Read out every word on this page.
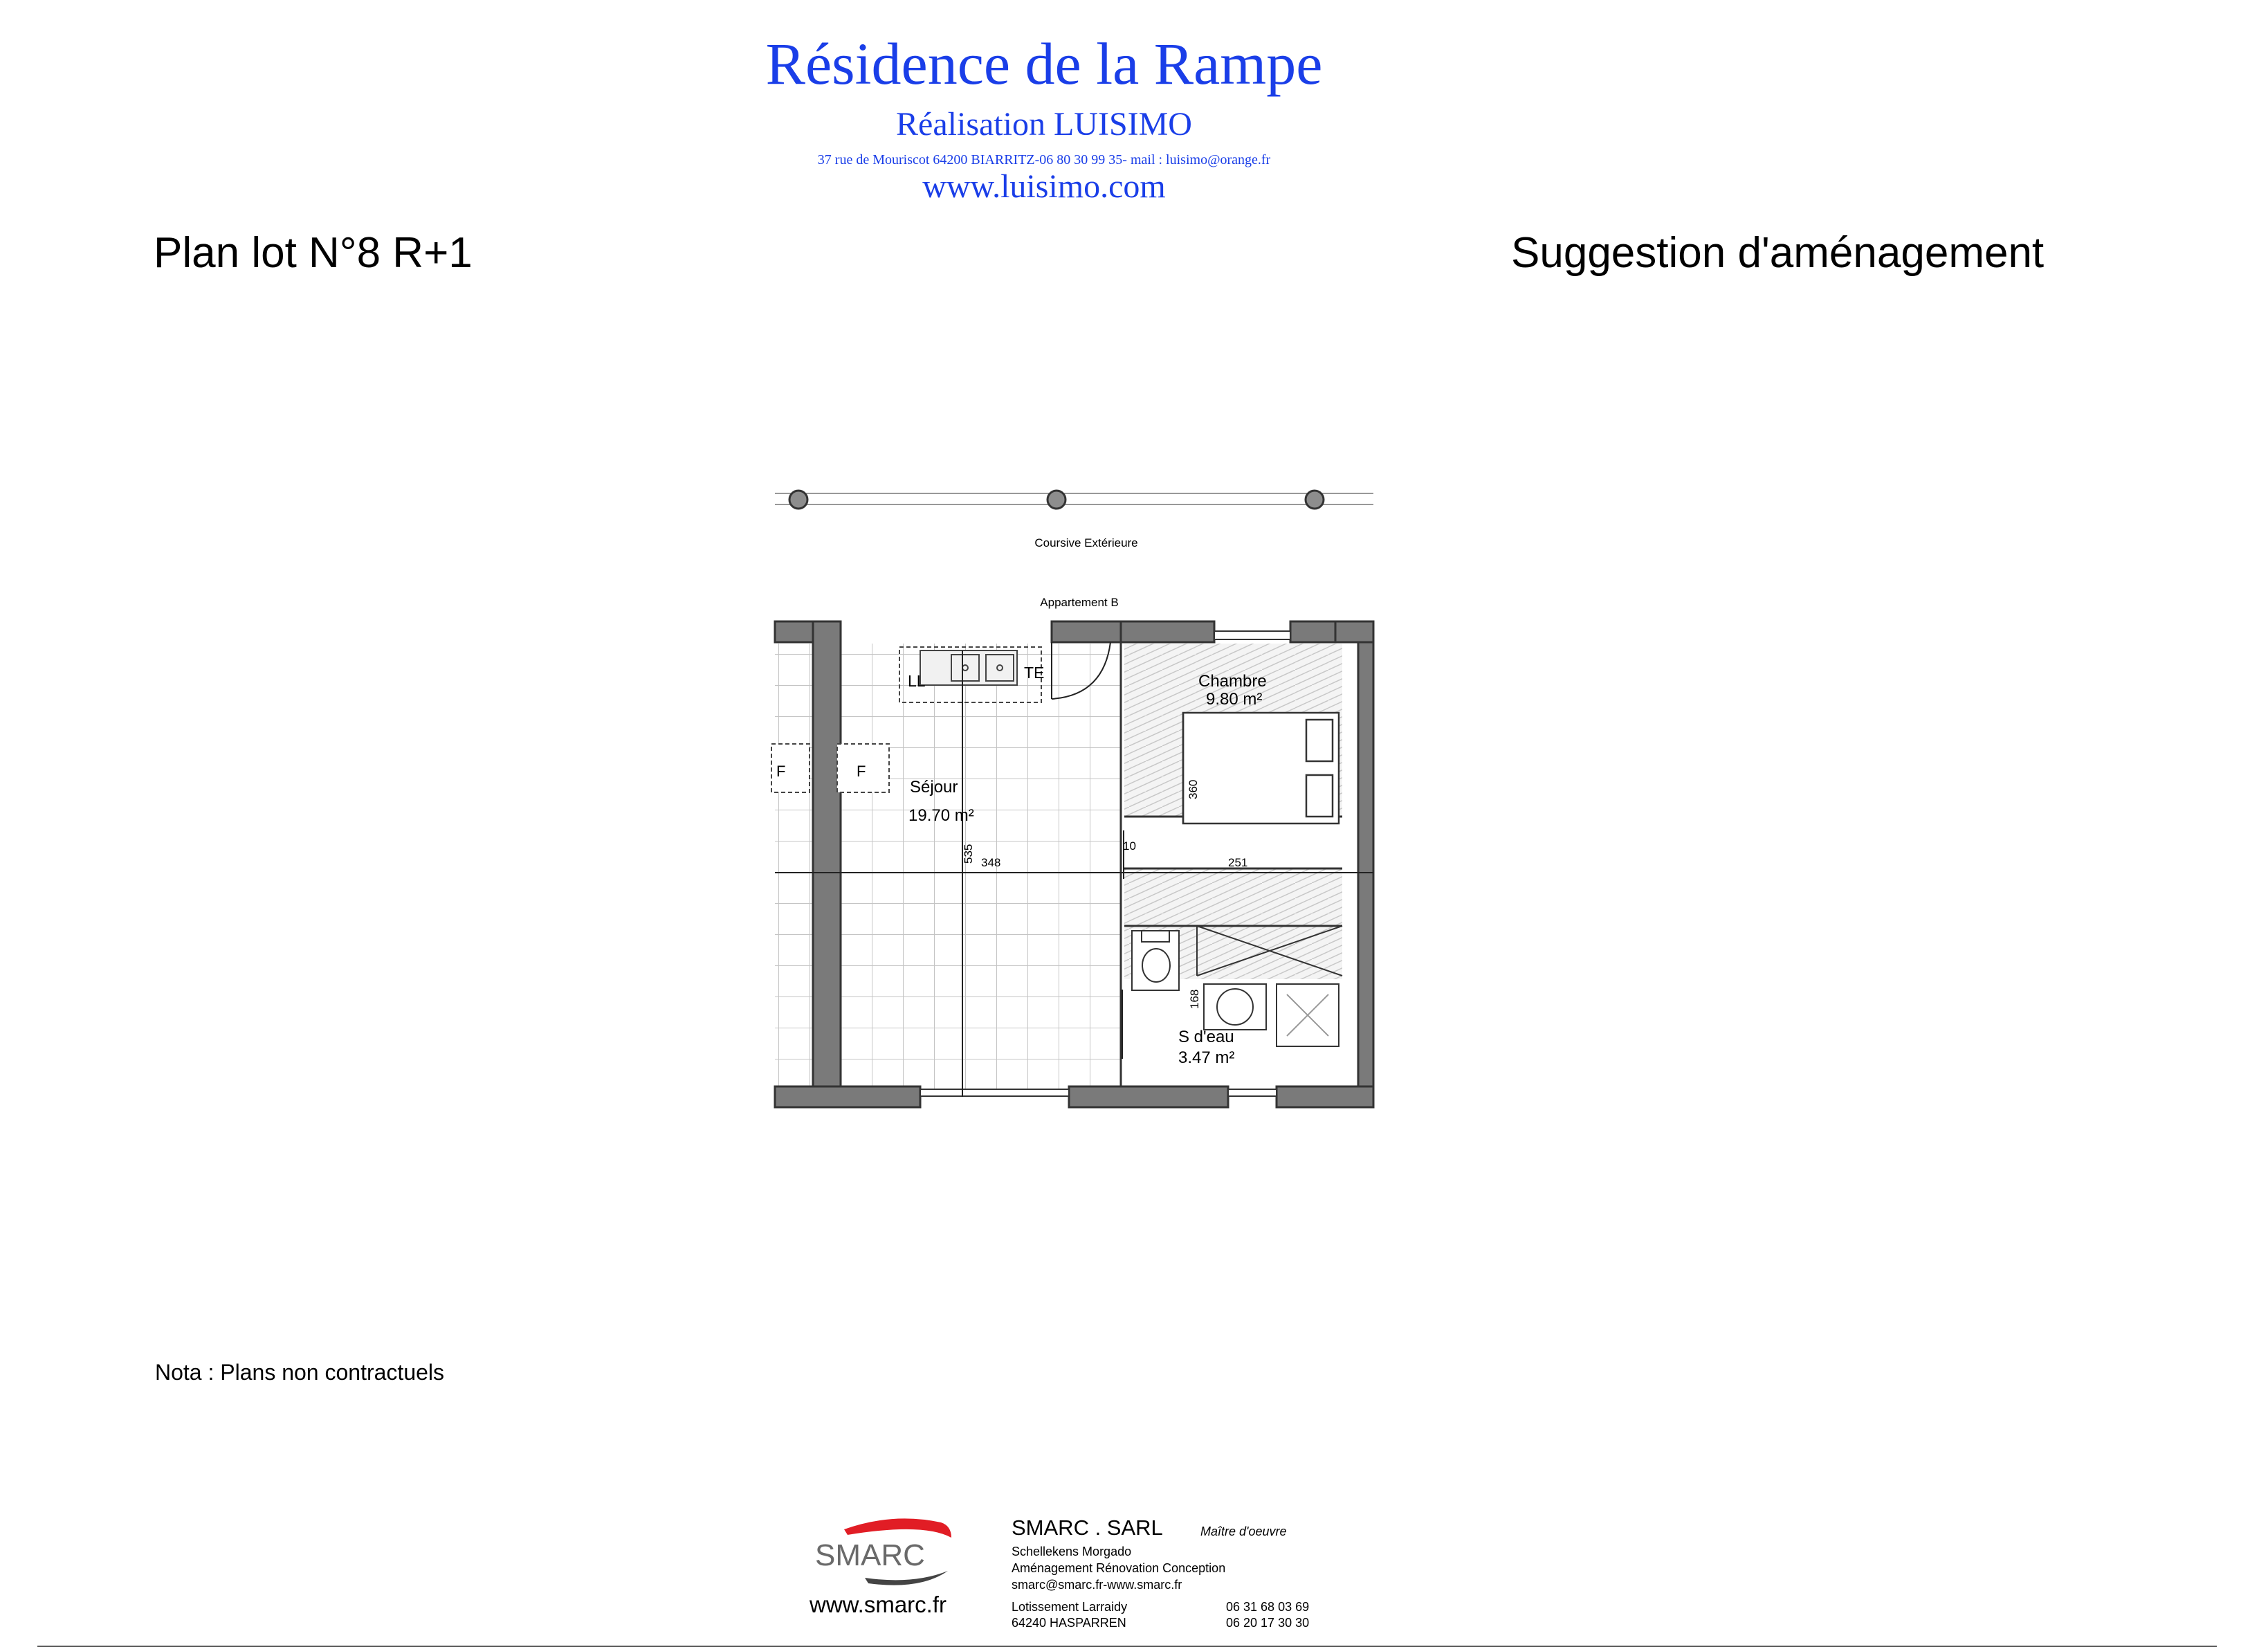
Résidence de la Rampe
Réalisation LUISIMO
37 rue de Mouriscot 64200 BIARRITZ-06 80 30 99 35- mail : luisimo@orange.fr
www.luisimo.com
Plan lot N°8 R+1	Suggestion d'aménagement
Coursive Extérieure
Appartement B
LL	TE
F	F
535 348
10
251
360
168
Séjour
19.70 m²
Chambre
9.80 m²
S d'eau
3.47 m²
SMARC
Nota : Plans non contractuels
www.smarc.fr
SMARC . SARL	Maître d'oeuvre
Schellekens Morgado
Aménagement Rénovation Conception
smarc@smarc.fr-www.smarc.fr
Lotissement Larraidy
64240 HASPARREN
06 31 68 03 69
06 20 17 30 30
